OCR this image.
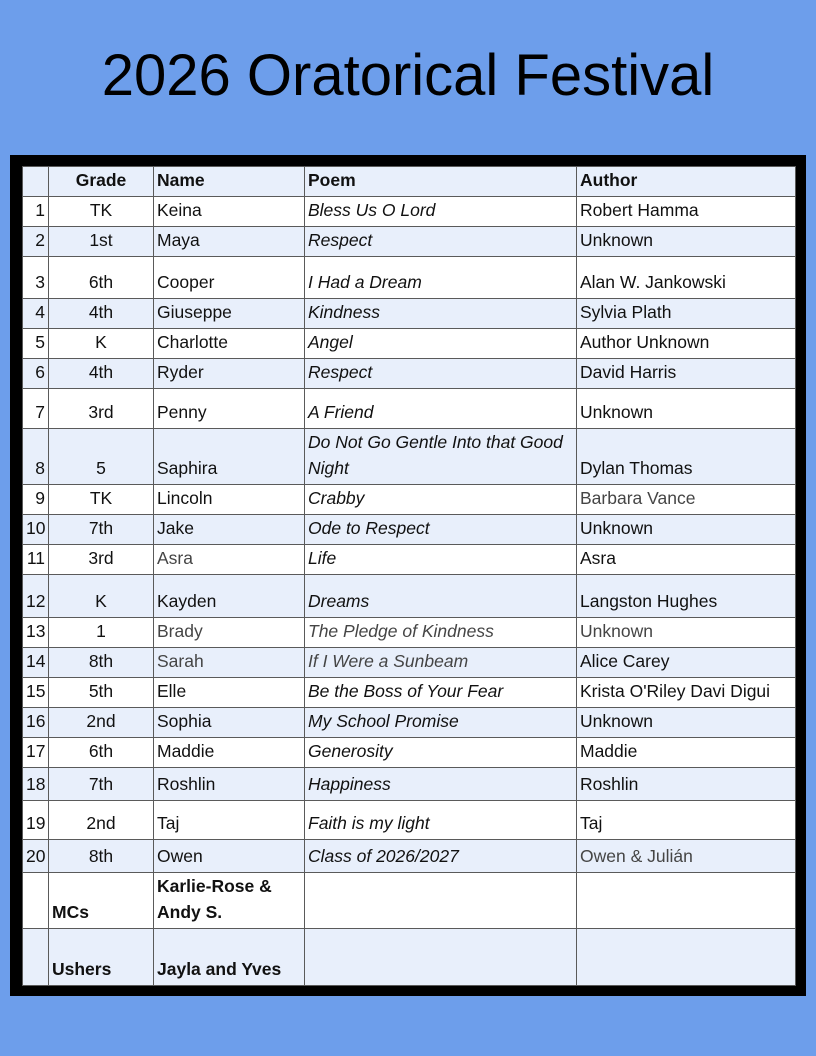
2026 Oratorical Festival
	Grade	Name	Poem	Author
1	TK	Keina	Bless Us O Lord	Robert Hamma
2	1st	Maya	Respect	Unknown
3	6th	Cooper	I Had a Dream	Alan W. Jankowski
4	4th	Giuseppe	Kindness	Sylvia Plath
5	K	Charlotte	Angel	Author Unknown
6	4th	Ryder	Respect	David Harris
7	3rd	Penny	A Friend	Unknown
8	5	Saphira	Do Not Go Gentle Into that Good Night	Dylan Thomas
9	TK	Lincoln	Crabby	Barbara Vance
10	7th	Jake	Ode to Respect	Unknown
11	3rd	Asra	Life	Asra
12	K	Kayden	Dreams	Langston Hughes
13	1	Brady	The Pledge of Kindness	Unknown
14	8th	Sarah	If I Were a Sunbeam	Alice Carey
15	5th	Elle	Be the Boss of Your Fear	Krista O'Riley Davi Digui
16	2nd	Sophia	My School Promise	Unknown
17	6th	Maddie	Generosity	Maddie
18	7th	Roshlin	Happiness	Roshlin
19	2nd	Taj	Faith is my light	Taj
20	8th	Owen	Class of 2026/2027	Owen & Julián
	MCs	Karlie-Rose & Andy S.		
	Ushers	Jayla and Yves		
